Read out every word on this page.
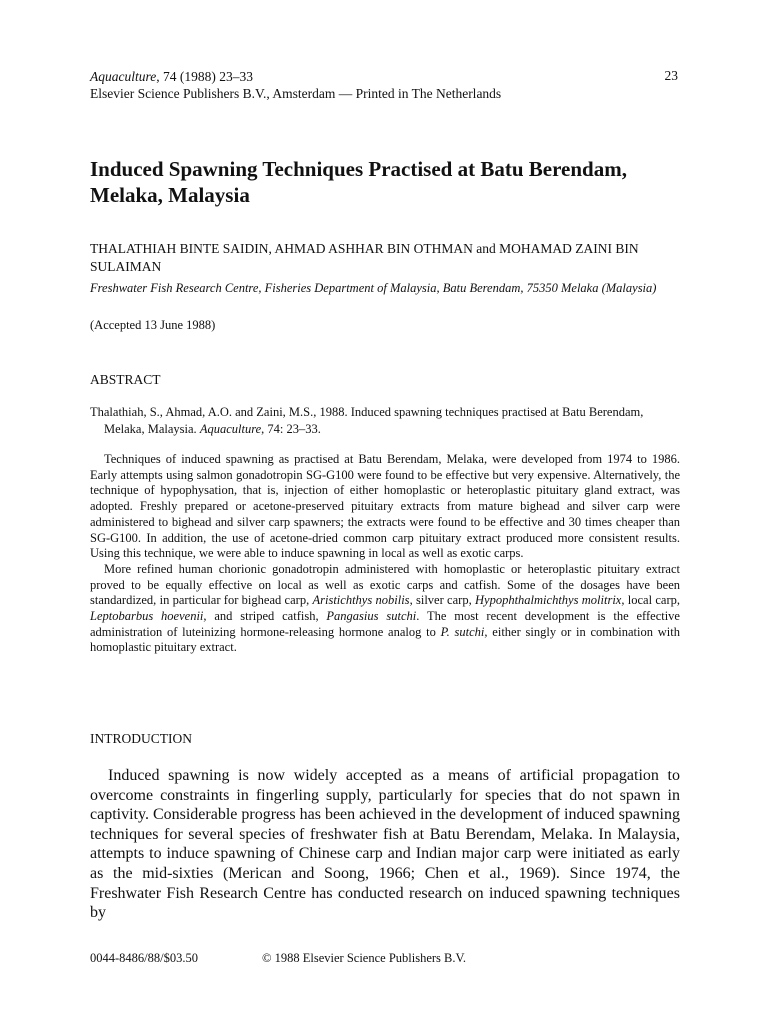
Aquaculture, 74 (1988) 23–33	23
Elsevier Science Publishers B.V., Amsterdam — Printed in The Netherlands
Induced Spawning Techniques Practised at Batu Berendam, Melaka, Malaysia
THALATHIAH BINTE SAIDIN, AHMAD ASHHAR BIN OTHMAN and MOHAMAD ZAINI BIN SULAIMAN
Freshwater Fish Research Centre, Fisheries Department of Malaysia, Batu Berendam, 75350 Melaka (Malaysia)
(Accepted 13 June 1988)
ABSTRACT
Thalathiah, S., Ahmad, A.O. and Zaini, M.S., 1988. Induced spawning techniques practised at Batu Berendam, Melaka, Malaysia. Aquaculture, 74: 23–33.

Techniques of induced spawning as practised at Batu Berendam, Melaka, were developed from 1974 to 1986. Early attempts using salmon gonadotropin SG-G100 were found to be effective but very expensive. Alternatively, the technique of hypophysation, that is, injection of either homoplastic or heteroplastic pituitary gland extract, was adopted. Freshly prepared or acetone-preserved pituitary extracts from mature bighead and silver carp were administered to bighead and silver carp spawners; the extracts were found to be effective and 30 times cheaper than SG-G100. In addition, the use of acetone-dried common carp pituitary extract produced more consistent results. Using this technique, we were able to induce spawning in local as well as exotic carps.

More refined human chorionic gonadotropin administered with homoplastic or heteroplastic pituitary extract proved to be equally effective on local as well as exotic carps and catfish. Some of the dosages have been standardized, in particular for bighead carp, Aristichthys nobilis, silver carp, Hypophthalmichthys molitrix, local carp, Leptobarbus hoevenii, and striped catfish, Pangasius sutchi. The most recent development is the effective administration of luteinizing hormone-releasing hormone analog to P. sutchi, either singly or in combination with homoplastic pituitary extract.

INTRODUCTION

Induced spawning is now widely accepted as a means of artificial propagation to overcome constraints in fingerling supply, particularly for species that do not spawn in captivity. Considerable progress has been achieved in the development of induced spawning techniques for several species of freshwater fish at Batu Berendam, Melaka. In Malaysia, attempts to induce spawning of Chinese carp and Indian major carp were initiated as early as the mid-sixties (Merican and Soong, 1966; Chen et al., 1969). Since 1974, the Freshwater Fish Research Centre has conducted research on induced spawning techniques by

0044-8486/88/$03.50	© 1988 Elsevier Science Publishers B.V.
